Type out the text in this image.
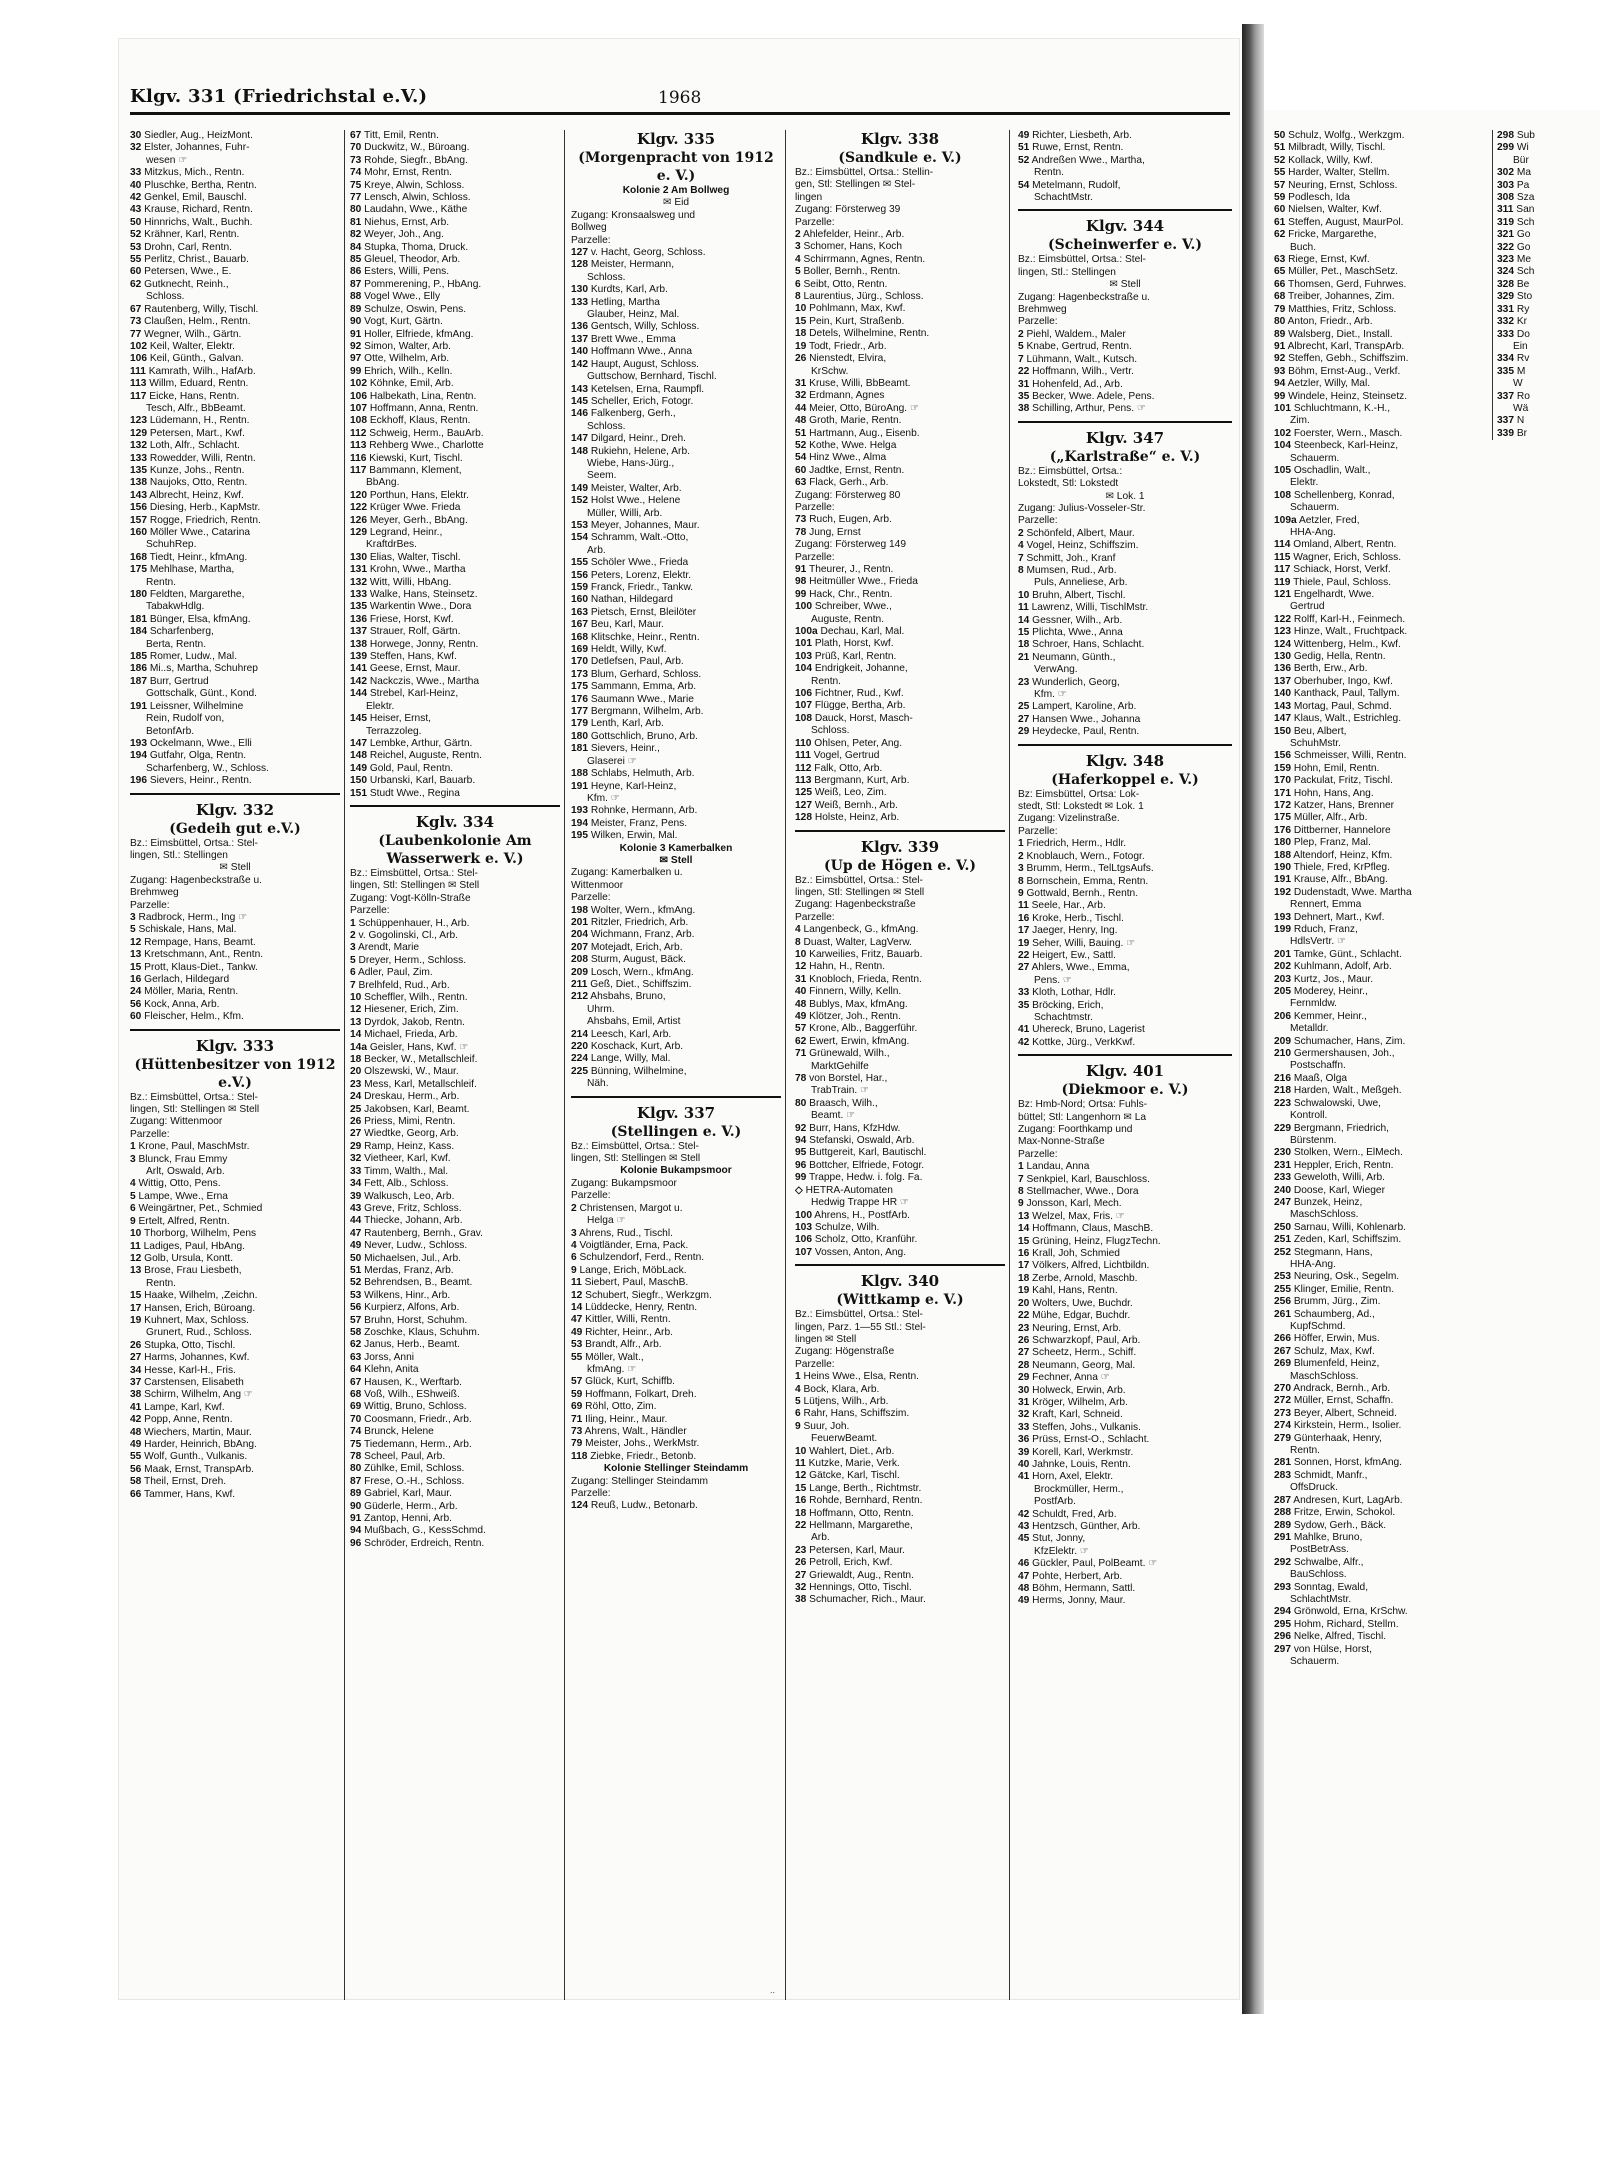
50 Schulz, Wolfg., Werkzgm.
51 Milbradt, Willy, Tischl.
52 Kollack, Willy, Kwf.
55 Harder, Walter, Stellm.
57 Neuring, Ernst, Schloss.
59 Podlesch, Ida
60 Nielsen, Walter, Kwf.
61 Steffen, August, MaurPol.
62 Fricke, Margarethe,
Buch.
63 Riege, Ernst, Kwf.
65 Müller, Pet., MaschSetz.
66 Thomsen, Gerd, Fuhrwes.
68 Treiber, Johannes, Zim.
79 Matthies, Fritz, Schloss.
80 Anton, Friedr., Arb.
89 Walsberg, Diet., Install.
91 Albrecht, Karl, TranspArb.
92 Steffen, Gebh., Schiffszim.
93 Böhm, Ernst-Aug., Verkf.
94 Aetzler, Willy, Mal.
99 Windele, Heinz, Steinsetz.
101 Schluchtmann, K.-H.,
Zim.
102 Foerster, Wern., Masch.
104 Steenbeck, Karl-Heinz,
Schauerm.
105 Oschadlin, Walt.,
Elektr.
108 Schellenberg, Konrad,
Schauerm.
109a Aetzler, Fred,
HHA-Ang.
114 Omland, Albert, Rentn.
115 Wagner, Erich, Schloss.
117 Schiack, Horst, Verkf.
119 Thiele, Paul, Schloss.
121 Engelhardt, Wwe.
Gertrud
122 Rolff, Karl-H., Feinmech.
123 Hinze, Walt., Fruchtpack.
124 Wittenberg, Helm., Kwf.
130 Gedig, Hella, Rentn.
136 Berth, Erw., Arb.
137 Oberhuber, Ingo, Kwf.
140 Kanthack, Paul, Tallym.
143 Mortag, Paul, Schmd.
147 Klaus, Walt., Estrichleg.
150 Beu, Albert,
SchuhMstr.
156 Schmeisser, Willi, Rentn.
159 Hohn, Emil, Rentn.
170 Packulat, Fritz, Tischl.
171 Hohn, Hans, Ang.
172 Katzer, Hans, Brenner
175 Müller, Alfr., Arb.
176 Dittberner, Hannelore
180 Plep, Franz, Mal.
188 Altendorf, Heinz, Kfm.
190 Thiele, Fred, KrPfleg.
191 Krause, Alfr., BbAng.
192 Dudenstadt, Wwe. Martha
Rennert, Emma
193 Dehnert, Mart., Kwf.
199 Rduch, Franz,
HdlsVertr. ☞
201 Tamke, Günt., Schlacht.
202 Kuhlmann, Adolf, Arb.
203 Kurtz, Jos., Maur.
205 Moderey, Heinr.,
Fernmldw.
206 Kemmer, Heinr.,
Metalldr.
209 Schumacher, Hans, Zim.
210 Germershausen, Joh.,
Postschaffn.
216 Maaß, Olga
218 Harden, Walt., Meßgeh.
223 Schwalowski, Uwe,
Kontroll.
229 Bergmann, Friedrich,
Bürstenm.
230 Stolken, Wern., ElMech.
231 Heppler, Erich, Rentn.
233 Geweloth, Willi, Arb.
240 Doose, Karl, Wieger
247 Bunzek, Heinz,
MaschSchloss.
250 Sarnau, Willi, Kohlenarb.
251 Zeden, Karl, Schiffszim.
252 Stegmann, Hans,
HHA-Ang.
253 Neuring, Osk., Segelm.
255 Klinger, Emilie, Rentn.
256 Brumm, Jürg., Zim.
261 Schaumberg, Ad.,
KupfSchmd.
266 Höffer, Erwin, Mus.
267 Schulz, Max, Kwf.
269 Blumenfeld, Heinz,
MaschSchloss.
270 Andrack, Bernh., Arb.
272 Müller, Ernst, Schaffn.
273 Beyer, Albert, Schneid.
274 Kirkstein, Herm., Isolier.
279 Günterhaak, Henry,
Rentn.
281 Sonnen, Horst, kfmAng.
283 Schmidt, Manfr.,
OffsDruck.
287 Andresen, Kurt, LagArb.
288 Fritze, Erwin, Schokol.
289 Sydow, Gerh., Bäck.
291 Mahlke, Bruno,
PostBetrAss.
292 Schwalbe, Alfr.,
BauSchloss.
293 Sonntag, Ewald,
SchlachtMstr.
294 Grönwold, Erna, KrSchw.
295 Hohm, Richard, Stellm.
296 Nelke, Alfred, Tischl.
297 von Hülse, Horst,
Schauerm.
298 Sub
299 Wi
Bür
302 Ma
303 Pa
308 Sza
311 San
319 Sch
321 Go
322 Go
323 Me
324 Sch
328 Be
329 Sto
331 Ry
332 Kr
333 Do
Ein
334 Rv
335 M
W
337 Ro
Wä
337 N
339 Br
Klgv. 331 (Friedrichstal e.V.)	1968
30 Siedler, Aug., HeizMont.
32 Elster, Johannes, Fuhr-
wesen ☞
33 Mitzkus, Mich., Rentn.
40 Pluschke, Bertha, Rentn.
42 Genkel, Emil, Bauschl.
43 Krause, Richard, Rentn.
50 Hinnrichs, Walt., Buchh.
52 Krähner, Karl, Rentn.
53 Drohn, Carl, Rentn.
55 Perlitz, Christ., Bauarb.
60 Petersen, Wwe., E.
62 Gutknecht, Reinh.,
Schloss.
67 Rautenberg, Willy, Tischl.
73 Claußen, Helm., Rentn.
77 Wegner, Wilh., Gärtn.
102 Keil, Walter, Elektr.
106 Keil, Günth., Galvan.
111 Kamrath, Wilh., HafArb.
113 Willm, Eduard, Rentn.
117 Eicke, Hans, Rentn.
Tesch, Alfr., BbBeamt.
123 Lüdemann, H., Rentn.
129 Petersen, Mart., Kwf.
132 Loth, Alfr., Schlacht.
133 Rowedder, Willi, Rentn.
135 Kunze, Johs., Rentn.
138 Naujoks, Otto, Rentn.
143 Albrecht, Heinz, Kwf.
156 Diesing, Herb., KapMstr.
157 Rogge, Friedrich, Rentn.
160 Möller Wwe., Catarina
SchuhRep.
168 Tiedt, Heinr., kfmAng.
175 Mehlhase, Martha,
Rentn.
180 Feldten, Margarethe,
TabakwHdlg.
181 Bünger, Elsa, kfmAng.
184 Scharfenberg,
Berta, Rentn.
185 Romer, Ludw., Mal.
186 Mi..s, Martha, Schuhrep
187 Burr, Gertrud
Gottschalk, Günt., Kond.
191 Leissner, Wilhelmine
Rein, Rudolf von,
BetonfArb.
193 Ockelmann, Wwe., Elli
194 Gutfahr, Olga, Rentn.
Scharfenberg, W., Schloss.
196 Sievers, Heinr., Rentn.
Klgv. 332
(Gedeih gut e.V.)
Bz.: Eimsbüttel, Ortsa.: Stel-
lingen, Stl.: Stellingen
✉ Stell
Zugang: Hagenbeckstraße u.
Brehmweg
Parzelle:
3 Radbrock, Herm., Ing ☞
5 Schiskale, Hans, Mal.
12 Rempage, Hans, Beamt.
13 Kretschmann, Ant., Rentn.
15 Prott, Klaus-Diet., Tankw.
16 Gerlach, Hildegard
24 Möller, Maria, Rentn.
56 Kock, Anna, Arb.
60 Fleischer, Helm., Kfm.
Klgv. 333
(Hüttenbesitzer von 1912 e.V.)
Bz.: Eimsbüttel, Ortsa.: Stel-
lingen, Stl: Stellingen ✉ Stell
Zugang: Wittenmoor
Parzelle:
1 Krone, Paul, MaschMstr.
3 Blunck, Frau Emmy
Arlt, Oswald, Arb.
4 Wittig, Otto, Pens.
5 Lampe, Wwe., Erna
6 Weingärtner, Pet., Schmied
9 Ertelt, Alfred, Rentn.
10 Thorborg, Wilhelm, Pens
11 Ladiges, Paul, HbAng.
12 Golb, Ursula, Kontt.
13 Brose, Frau Liesbeth,
Rentn.
15 Haake, Wilhelm, ,Zeichn.
17 Hansen, Erich, Büroang.
19 Kuhnert, Max, Schloss.
Grunert, Rud., Schloss.
26 Stupka, Otto, Tischl.
27 Harms, Johannes, Kwf.
34 Hesse, Karl-H., Fris.
37 Carstensen, Elisabeth
38 Schirm, Wilhelm, Ang ☞
41 Lampe, Karl, Kwf.
42 Popp, Anne, Rentn.
48 Wiechers, Martin, Maur.
49 Harder, Heinrich, BbAng.
55 Wolf, Gunth., Vulkanis.
56 Maak, Ernst, TranspArb.
58 Theil, Ernst, Dreh.
66 Tammer, Hans, Kwf.
67 Titt, Emil, Rentn.
70 Duckwitz, W., Büroang.
73 Rohde, Siegfr., BbAng.
74 Mohr, Ernst, Rentn.
75 Kreye, Alwin, Schloss.
77 Lensch, Alwin, Schloss.
80 Laudahn, Wwe., Käthe
81 Niehus, Ernst, Arb.
82 Weyer, Joh., Ang.
84 Stupka, Thoma, Druck.
85 Gleuel, Theodor, Arb.
86 Esters, Willi, Pens.
87 Pommerening, P., HbAng.
88 Vogel Wwe., Elly
89 Schulze, Oswin, Pens.
90 Vogt, Kurt, Gärtn.
91 Holler, Elfriede, kfmAng.
92 Simon, Walter, Arb.
97 Otte, Wilhelm, Arb.
99 Ehrich, Wilh., Kelln.
102 Köhnke, Emil, Arb.
106 Halbekath, Lina, Rentn.
107 Hoffmann, Anna, Rentn.
108 Eckhoff, Klaus, Rentn.
112 Schweig, Herm., BauArb.
113 Rehberg Wwe., Charlotte
116 Kiewski, Kurt, Tischl.
117 Bammann, Klement,
BbAng.
120 Porthun, Hans, Elektr.
122 Krüger Wwe. Frieda
126 Meyer, Gerh., BbAng.
129 Legrand, Heinr.,
KraftdrBes.
130 Elias, Walter, Tischl.
131 Krohn, Wwe., Martha
132 Witt, Willi, HbAng.
133 Walke, Hans, Steinsetz.
135 Warkentin Wwe., Dora
136 Friese, Horst, Kwf.
137 Strauer, Rolf, Gärtn.
138 Horwege, Jonny, Rentn.
139 Steffen, Hans, Kwf.
141 Geese, Ernst, Maur.
142 Nackczis, Wwe., Martha
144 Strebel, Karl-Heinz,
Elektr.
145 Heiser, Ernst,
Terrazzoleg.
147 Lembke, Arthur, Gärtn.
148 Reichel, Auguste, Rentn.
149 Gold, Paul, Rentn.
150 Urbanski, Karl, Bauarb.
151 Studt Wwe., Regina
Kglv. 334
(Laubenkolonie Am Wasserwerk e. V.)
Bz.: Eimsbüttel, Ortsa.: Stel-
lingen, Stl: Stellingen ✉ Stell
Zugang: Vogt-Kölln-Straße
Parzelle:
1 Schüppenhauer, H., Arb.
2 v. Gogolinski, Cl., Arb.
3 Arendt, Marie
5 Dreyer, Herm., Schloss.
6 Adler, Paul, Zim.
7 Brelhfeld, Rud., Arb.
10 Scheffler, Wilh., Rentn.
12 Hiesener, Erich, Zim.
13 Dyrdok, Jakob, Rentn.
14 Michael, Frieda, Arb.
14a Geisler, Hans, Kwf. ☞
18 Becker, W., Metallschleif.
20 Olszewski, W., Maur.
23 Mess, Karl, Metallschleif.
24 Dreskau, Herm., Arb.
25 Jakobsen, Karl, Beamt.
26 Priess, Mimi, Rentn.
27 Wiedtke, Georg, Arb.
29 Ramp, Heinz, Kass.
32 Vietheer, Karl, Kwf.
33 Timm, Walth., Mal.
34 Fett, Alb., Schloss.
39 Walkusch, Leo, Arb.
43 Greve, Fritz, Schloss.
44 Thiecke, Johann, Arb.
47 Rautenberg, Bernh., Grav.
49 Never, Ludw., Schloss.
50 Michaelsen, Jul., Arb.
51 Merdas, Franz, Arb.
52 Behrendsen, B., Beamt.
53 Wilkens, Hinr., Arb.
56 Kurpierz, Alfons, Arb.
57 Bruhn, Horst, Schuhm.
58 Zoschke, Klaus, Schuhm.
62 Janus, Herb., Beamt.
63 Jorss, Anni
64 Klehn, Anita
67 Hausen, K., Werftarb.
68 Voß, Wilh., EShweiß.
69 Wittig, Bruno, Schloss.
70 Coosmann, Friedr., Arb.
74 Brunck, Helene
75 Tiedemann, Herm., Arb.
78 Scheel, Paul, Arb.
80 Zühlke, Emil, Schloss.
87 Frese, O.-H., Schloss.
89 Gabriel, Karl, Maur.
90 Güderle, Herm., Arb.
91 Zantop, Henni, Arb.
94 Mußbach, G., KessSchmd.
96 Schröder, Erdreich, Rentn.
Klgv. 335
(Morgenpracht von 1912 e. V.)
Kolonie 2 Am Bollweg
✉ Eid
Zugang: Kronsaalsweg und
Bollweg
Parzelle:
127 v. Hacht, Georg, Schloss.
128 Meister, Hermann,
Schloss.
130 Kurdts, Karl, Arb.
133 Hetling, Martha
Glauber, Heinz, Mal.
136 Gentsch, Willy, Schloss.
137 Brett Wwe., Emma
140 Hoffmann Wwe., Anna
142 Haupt, August, Schloss.
Guttschow, Bernhard, Tischl.
143 Ketelsen, Erna, Raumpfl.
145 Scheller, Erich, Fotogr.
146 Falkenberg, Gerh.,
Schloss.
147 Dilgard, Heinr., Dreh.
148 Rukiehn, Helene, Arb.
Wiebe, Hans-Jürg.,
Seem.
149 Meister, Walter, Arb.
152 Holst Wwe., Helene
Müller, Willi, Arb.
153 Meyer, Johannes, Maur.
154 Schramm, Walt.-Otto,
Arb.
155 Schöler Wwe., Frieda
156 Peters, Lorenz, Elektr.
159 Franck, Friedr., Tankw.
160 Nathan, Hildegard
163 Pietsch, Ernst, Bleilöter
167 Beu, Karl, Maur.
168 Klitschke, Heinr., Rentn.
169 Heldt, Willy, Kwf.
170 Detlefsen, Paul, Arb.
173 Blum, Gerhard, Schloss.
175 Sammann, Emma, Arb.
176 Saumann Wwe., Marie
177 Bergmann, Wilhelm, Arb.
179 Lenth, Karl, Arb.
180 Gottschlich, Bruno, Arb.
181 Sievers, Heinr.,
Glaserei ☞
188 Schlabs, Helmuth, Arb.
191 Heyne, Karl-Heinz,
Kfm. ☞
193 Rohnke, Hermann, Arb.
194 Meister, Franz, Pens.
195 Wilken, Erwin, Mal.
Kolonie 3 Kamerbalken
✉ Stell
Zugang: Kamerbalken u.
Wittenmoor
Parzelle:
198 Wolter, Wern., kfmAng.
201 Ritzler, Friedrich, Arb.
204 Wichmann, Franz, Arb.
207 Motejadt, Erich, Arb.
208 Sturm, August, Bäck.
209 Losch, Wern., kfmAng.
211 Geß, Diet., Schiffszim.
212 Ahsbahs, Bruno,
Uhrm.
Ahsbahs, Emil, Artist
214 Leesch, Karl, Arb.
220 Koschack, Kurt, Arb.
224 Lange, Willy, Mal.
225 Bünning, Wilhelmine,
Näh.
Klgv. 337
(Stellingen e. V.)
Bz.: Eimsbüttel, Ortsa.: Stel-
lingen, Stl: Stellingen ✉ Stell
Kolonie Bukampsmoor
Zugang: Bukampsmoor
Parzelle:
2 Christensen, Margot u.
Helga ☞
3 Ahrens, Rud., Tischl.
4 Voigtländer, Erna, Pack.
6 Schulzendorf, Ferd., Rentn.
9 Lange, Erich, MöbLack.
11 Siebert, Paul, MaschB.
12 Schubert, Siegfr., Werkzgm.
14 Lüddecke, Henry, Rentn.
47 Kittler, Willi, Rentn.
49 Richter, Heinr., Arb.
53 Brandt, Alfr., Arb.
55 Möller, Walt.,
kfmAng. ☞
57 Glück, Kurt, Schiffb.
59 Hoffmann, Folkart, Dreh.
69 Röhl, Otto, Zim.
71 Iling, Heinr., Maur.
73 Ahrens, Walt., Händler
79 Meister, Johs., WerkMstr.
118 Ziebke, Friedr., Betonb.
Kolonie Stellinger Steindamm
Zugang: Stellinger Steindamm
Parzelle:
124 Reuß, Ludw., Betonarb.
Klgv. 338
(Sandkule e. V.)
Bz.: Eimsbüttel, Ortsa.: Stellin-
gen, Stl: Stellingen ✉ Stel-
lingen
Zugang: Försterweg 39
Parzelle:
2 Ahlefelder, Heinr., Arb.
3 Schomer, Hans, Koch
4 Schirrmann, Agnes, Rentn.
5 Boller, Bernh., Rentn.
6 Seibt, Otto, Rentn.
8 Laurentius, Jürg., Schloss.
10 Pohlmann, Max, Kwf.
15 Pein, Kurt, Straßenb.
18 Detels, Wilhelmine, Rentn.
19 Todt, Friedr., Arb.
26 Nienstedt, Elvira,
KrSchw.
31 Kruse, Willi, BbBeamt.
32 Erdmann, Agnes
44 Meier, Otto, BüroAng. ☞
48 Groth, Marie, Rentn.
51 Hartmann, Aug., Eisenb.
52 Kothe, Wwe. Helga
54 Hinz Wwe., Alma
60 Jadtke, Ernst, Rentn.
63 Flack, Gerh., Arb.
Zugang: Försterweg 80
Parzelle:
73 Ruch, Eugen, Arb.
78 Jung, Ernst
Zugang: Försterweg 149
Parzelle:
91 Theurer, J., Rentn.
98 Heitmüller Wwe., Frieda
99 Hack, Chr., Rentn.
100 Schreiber, Wwe.,
Auguste, Rentn.
100a Dechau, Karl, Mal.
101 Plath, Horst, Kwf.
103 Prüß, Karl, Rentn.
104 Endrigkeit, Johanne,
Rentn.
106 Fichtner, Rud., Kwf.
107 Flügge, Bertha, Arb.
108 Dauck, Horst, Masch-
Schloss.
110 Ohlsen, Peter, Ang.
111 Vogel, Gertrud
112 Falk, Otto, Arb.
113 Bergmann, Kurt, Arb.
125 Weiß, Leo, Zim.
127 Weiß, Bernh., Arb.
128 Holste, Heinz, Arb.
Klgv. 339
(Up de Högen e. V.)
Bz.: Eimsbüttel, Ortsa.: Stel-
lingen, Stl: Stellingen ✉ Stell
Zugang: Hagenbeckstraße
Parzelle:
4 Langenbeck, G., kfmAng.
8 Duast, Walter, LagVerw.
10 Karweilies, Fritz, Bauarb.
12 Hahn, H., Rentn.
31 Knobloch, Frieda, Rentn.
40 Finnern, Willy, Kelln.
48 Bublys, Max, kfmAng.
49 Klötzer, Joh., Rentn.
57 Krone, Alb., Baggerführ.
62 Ewert, Erwin, kfmAng.
71 Grünewald, Wilh.,
MarktGehilfe
78 von Borstel, Har.,
TrabTrain. ☞
80 Braasch, Wilh.,
Beamt. ☞
92 Burr, Hans, KfzHdw.
94 Stefanski, Oswald, Arb.
95 Buttgereit, Karl, Bautischl.
96 Bottcher, Elfriede, Fotogr.
99 Trappe, Hedw. i. folg. Fa.
◇ HETRA-Automaten
Hedwig Trappe HR ☞
100 Ahrens, H., PostfArb.
103 Schulze, Wilh.
106 Scholz, Otto, Kranführ.
107 Vossen, Anton, Ang.
Klgv. 340
(Wittkamp e. V.)
Bz.: Eimsbüttel, Ortsa.: Stel-
lingen, Parz. 1—55 Stl.: Stel-
lingen ✉ Stell
Zugang: Högenstraße
Parzelle:
1 Heins Wwe., Elsa, Rentn.
4 Bock, Klara, Arb.
5 Lütjens, Wilh., Arb.
6 Rahr, Hans, Schiffszim.
9 Suur, Joh.
FeuerwBeamt.
10 Wahlert, Diet., Arb.
11 Kutzke, Marie, Verk.
12 Gätcke, Karl, Tischl.
15 Lange, Berth., Richtmstr.
16 Rohde, Bernhard, Rentn.
18 Hoffmann, Otto, Rentn.
22 Hellmann, Margarethe,
Arb.
23 Petersen, Karl, Maur.
26 Petroll, Erich, Kwf.
27 Griewaldt, Aug., Rentn.
32 Hennings, Otto, Tischl.
38 Schumacher, Rich., Maur.
49 Richter, Liesbeth, Arb.
51 Ruwe, Ernst, Rentn.
52 Andreßen Wwe., Martha,
Rentn.
54 Metelmann, Rudolf,
SchachtMstr.
Klgv. 344
(Scheinwerfer e. V.)
Bz.: Eimsbüttel, Ortsa.: Stel-
lingen, Stl.: Stellingen
✉ Stell
Zugang: Hagenbeckstraße u.
Brehmweg
Parzelle:
2 Piehl, Waldem., Maler
5 Knabe, Gertrud, Rentn.
7 Lühmann, Walt., Kutsch.
22 Hoffmann, Wilh., Vertr.
31 Hohenfeld, Ad., Arb.
35 Becker, Wwe. Adele, Pens.
38 Schilling, Arthur, Pens. ☞
Klgv. 347
(„Karlstraße“ e. V.)
Bz.: Eimsbüttel, Ortsa.:
Lokstedt, Stl: Lokstedt
✉ Lok. 1
Zugang: Julius-Vosseler-Str.
Parzelle:
2 Schönfeld, Albert, Maur.
4 Vogel, Heinz, Schiffszim.
7 Schmitt, Joh., Kranf
8 Mumsen, Rud., Arb.
Puls, Anneliese, Arb.
10 Bruhn, Albert, Tischl.
11 Lawrenz, Willi, TischlMstr.
14 Gessner, Wilh., Arb.
15 Plichta, Wwe., Anna
18 Schroer, Hans, Schlacht.
21 Neumann, Günth.,
VerwAng.
23 Wunderlich, Georg,
Kfm. ☞
25 Lampert, Karoline, Arb.
27 Hansen Wwe., Johanna
29 Heydecke, Paul, Rentn.
Klgv. 348
(Haferkoppel e. V.)
Bz: Eimsbüttel, Ortsa: Lok-
stedt, Stl: Lokstedt ✉ Lok. 1
Zugang: Vizelinstraße.
Parzelle:
1 Friedrich, Herm., Hdlr.
2 Knoblauch, Wern., Fotogr.
3 Brumm, Herm., TelLtgsAufs.
8 Bornschein, Emma, Rentn.
9 Gottwald, Bernh., Rentn.
11 Seele, Har., Arb.
16 Kroke, Herb., Tischl.
17 Jaeger, Henry, Ing.
19 Seher, Willi, Bauing. ☞
22 Heigert, Ew., Sattl.
27 Ahlers, Wwe., Emma,
Pens. ☞
33 Kloth, Lothar, Hdlr.
35 Bröcking, Erich,
Schachtmstr.
41 Uhereck, Bruno, Lagerist
42 Kottke, Jürg., VerkKwf.
Klgv. 401
(Diekmoor e. V.)
Bz: Hmb-Nord; Ortsa: Fuhls-
büttel; Stl: Langenhorn ✉ La
Zugang: Foorthkamp und
Max-Nonne-Straße
Parzelle:
1 Landau, Anna
7 Senkpiel, Karl, Bauschloss.
8 Stellmacher, Wwe., Dora
9 Jonsson, Karl, Mech.
13 Welzel, Max, Fris. ☞
14 Hoffmann, Claus, MaschB.
15 Grüning, Heinz, FlugzTechn.
16 Krall, Joh, Schmied
17 Völkers, Alfred, Lichtbildn.
18 Zerbe, Arnold, Maschb.
19 Kahl, Hans, Rentn.
20 Wolters, Uwe, Buchdr.
22 Mühe, Edgar, Buchdr.
23 Neuring, Ernst, Arb.
26 Schwarzkopf, Paul, Arb.
27 Scheetz, Herm., Schiff.
28 Neumann, Georg, Mal.
29 Fechner, Anna ☞
30 Holweck, Erwin, Arb.
31 Kröger, Wilhelm, Arb.
32 Kraft, Karl, Schneid.
33 Steffen, Johs., Vulkanis.
36 Prüss, Ernst-O., Schlacht.
39 Korell, Karl, Werkmstr.
40 Jahnke, Louis, Rentn.
41 Horn, Axel, Elektr.
Brockmüller, Herm.,
PostfArb.
42 Schuldt, Fred, Arb.
43 Hentzsch, Günther, Arb.
45 Stut, Jonny,
KfzElektr. ☞
46 Gückler, Paul, PolBeamt. ☞
47 Pohte, Herbert, Arb.
48 Böhm, Hermann, Sattl.
49 Herms, Jonny, Maur.
..
